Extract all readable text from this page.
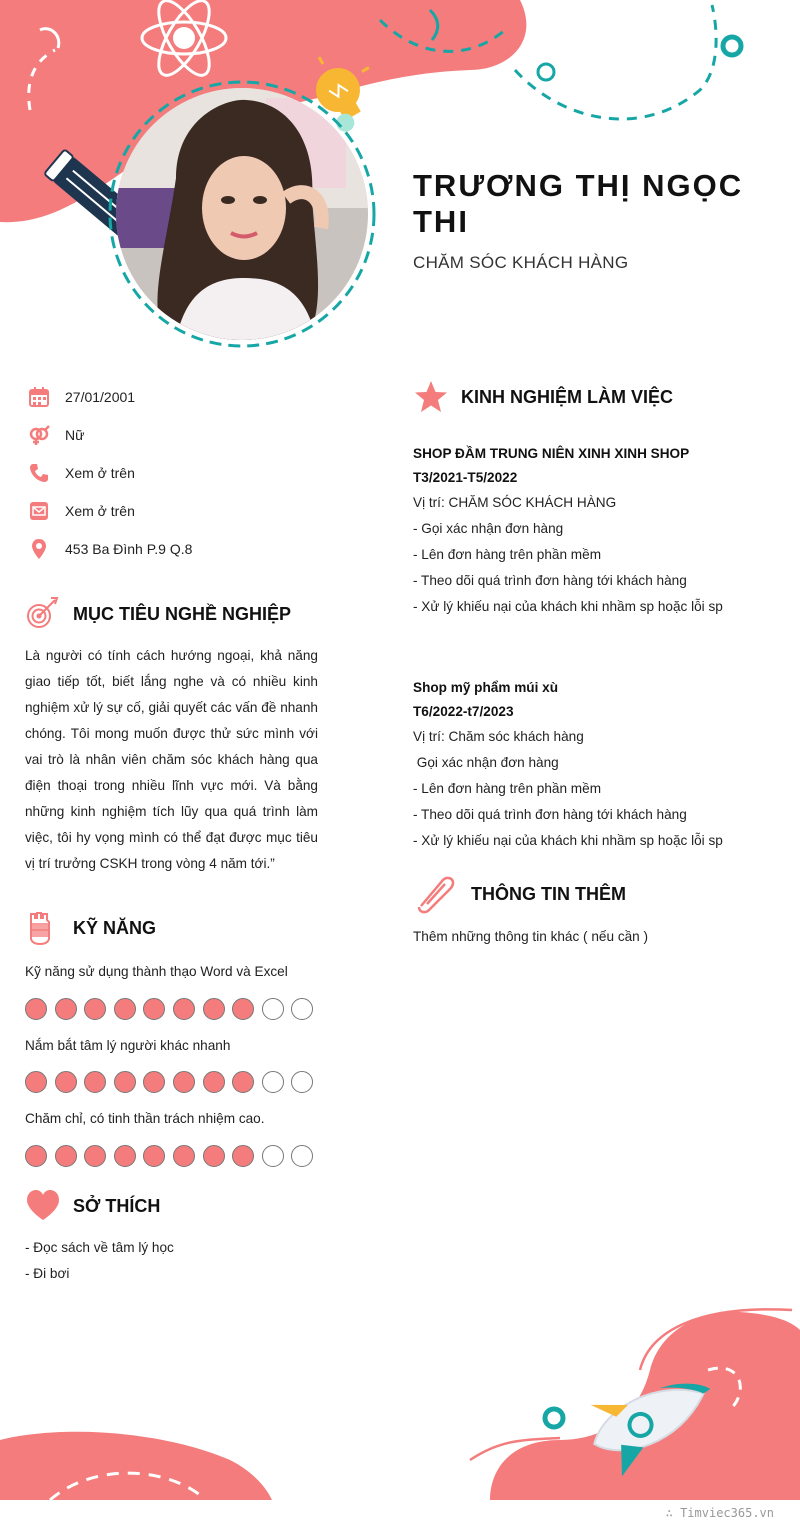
TRƯƠNG THỊ NGỌC THI
CHĂM SÓC KHÁCH HÀNG
27/01/2001
Nữ
Xem ở trên
Xem ở trên
453 Ba Đình P.9 Q.8
MỤC TIÊU NGHỀ NGHIỆP
Là người có tính cách hướng ngoại, khả năng giao tiếp tốt, biết lắng nghe và có nhiều kinh nghiệm xử lý sự cố, giải quyết các vấn đề nhanh chóng. Tôi mong muốn được thử sức mình với vai trò là nhân viên chăm sóc khách hàng qua điện thoại trong nhiều lĩnh vực mới. Và bằng những kinh nghiệm tích lũy qua quá trình làm việc, tôi hy vọng mình có thể đạt được mục tiêu vị trí trưởng CSKH trong vòng 4 năm tới.”
KỸ NĂNG
Kỹ năng sử dụng thành thạo Word và Excel
Nắm bắt tâm lý người khác nhanh
Chăm chỉ, có tinh thần trách nhiệm cao.
SỞ THÍCH
- Đọc sách về tâm lý học
- Đi bơi
KINH NGHIỆM LÀM VIỆC
SHOP ĐẦM TRUNG NIÊN XINH XINH SHOP
T3/2021-T5/2022
Vị trí: CHĂM SÓC KHÁCH HÀNG
- Gọi xác nhận đơn hàng
- Lên đơn hàng trên phần mềm
- Theo dõi quá trình đơn hàng tới khách hàng
- Xử lý khiếu nại của khách khi nhầm sp hoặc lỗi sp
Shop mỹ phẩm múi xù
T6/2022-t7/2023
Vị trí: Chăm sóc khách hàng
Gọi xác nhận đơn hàng
- Lên đơn hàng trên phần mềm
- Theo dõi quá trình đơn hàng tới khách hàng
- Xử lý khiếu nại của khách khi nhầm sp hoặc lỗi sp
THÔNG TIN THÊM
Thêm những thông tin khác ( nếu cần )
∴ Timviec365.vn
